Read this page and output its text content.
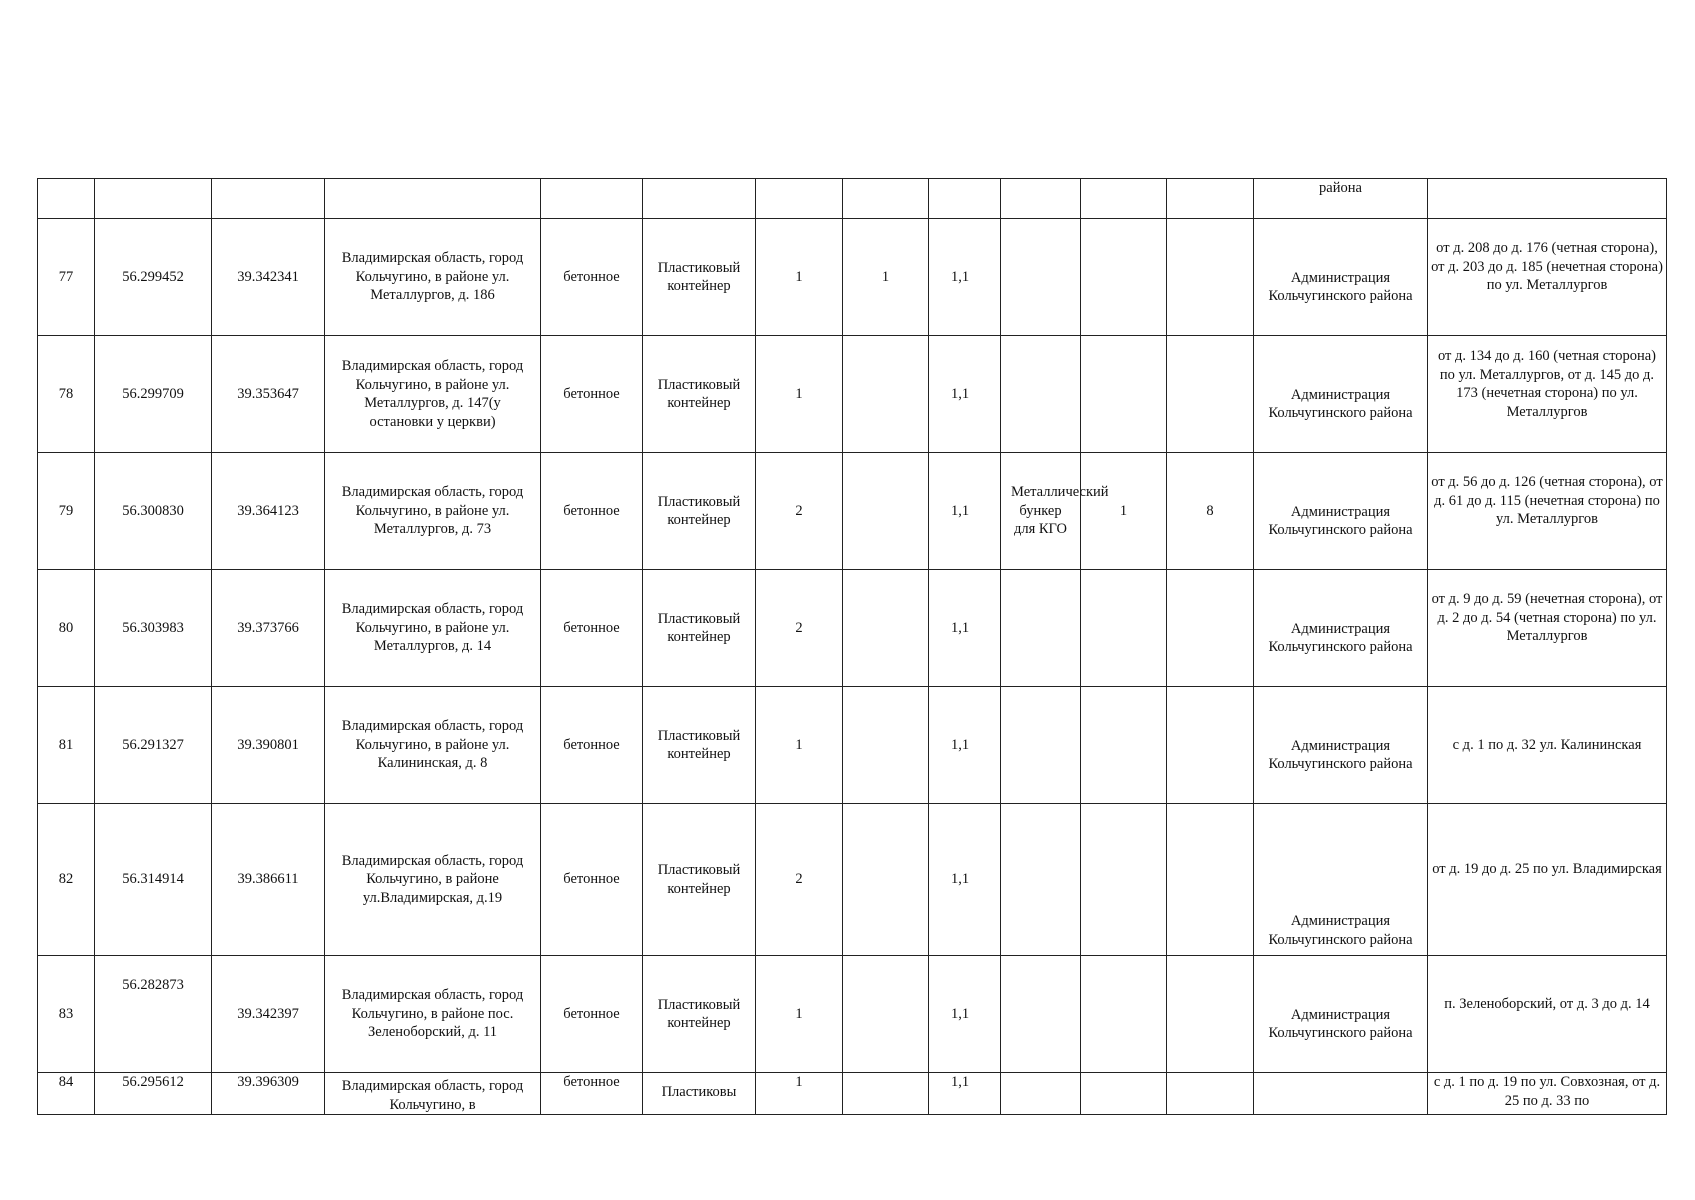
												района	
77	56.299452	39.342341	Владимирская область, город Кольчугино, в районе ул. Металлургов, д. 186	бетонное	Пластиковый контейнер	1	1	1,1				Администрация Кольчугинского района	от д. 208 до д. 176 (четная сторона), от д. 203 до д. 185 (нечетная сторона) по ул. Металлургов
78	56.299709	39.353647	Владимирская область, город Кольчугино, в районе ул. Металлургов, д. 147(у остановки у церкви)	бетонное	Пластиковый контейнер	1		1,1				Администрация Кольчугинского района	от д. 134 до д. 160 (четная сторона) по ул. Металлургов, от д. 145 до д. 173 (нечетная сторона) по ул. Металлургов
79	56.300830	39.364123	Владимирская область, город Кольчугино, в районе ул. Металлургов, д. 73	бетонное	Пластиковый контейнер	2		1,1	Металлический бункер для КГО	1	8	Администрация Кольчугинского района	от д. 56 до д. 126 (четная сторона), от д. 61 до д. 115 (нечетная сторона) по ул. Металлургов
80	56.303983	39.373766	Владимирская область, город Кольчугино, в районе ул. Металлургов, д. 14	бетонное	Пластиковый контейнер	2		1,1				Администрация Кольчугинского района	от д. 9 до д. 59 (нечетная сторона), от д. 2 до д. 54 (четная сторона) по ул. Металлургов
81	56.291327	39.390801	Владимирская область, город Кольчугино, в районе ул. Калининская, д. 8	бетонное	Пластиковый контейнер	1		1,1				Администрация Кольчугинского района	с д. 1 по д. 32 ул. Калининская
82	56.314914	39.386611	Владимирская область, город Кольчугино, в районе ул.Владимирская, д.19	бетонное	Пластиковый контейнер	2		1,1				Администрация Кольчугинского района	от д. 19 до д. 25 по ул. Владимирская
83	56.282873	39.342397	Владимирская область, город Кольчугино, в районе пос. Зеленоборский, д. 11	бетонное	Пластиковый контейнер	1		1,1				Администрация Кольчугинского района	п. Зеленоборский, от д. 3 до д. 14
84	56.295612	39.396309	Владимирская область, город Кольчугино, в	бетонное	Пластиковы	1		1,1					с д. 1 по д. 19 по ул. Совхозная, от д. 25 по д. 33 по
